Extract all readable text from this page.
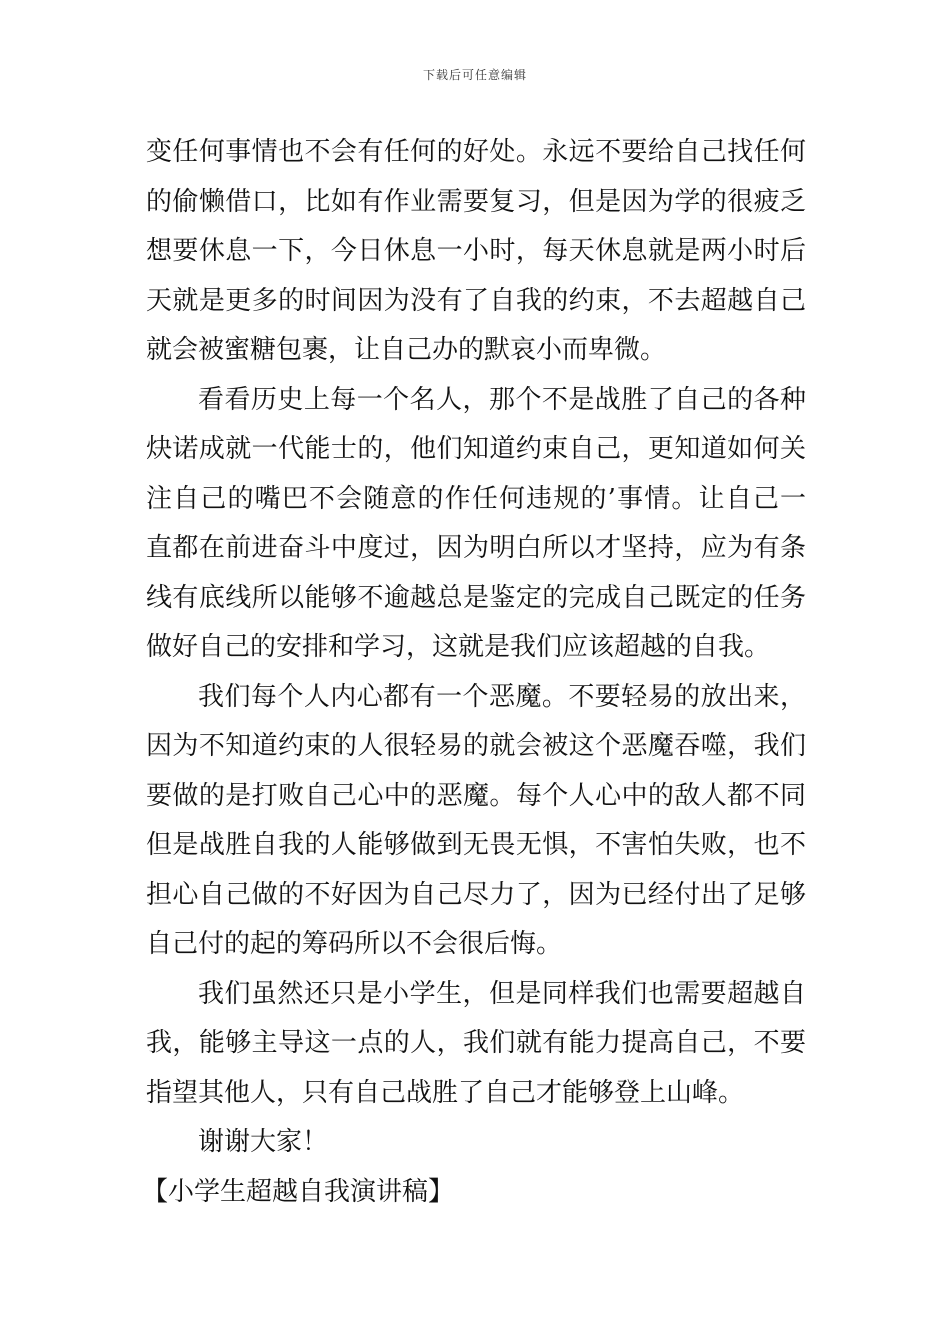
下载后可任意编辑
变任何事情也不会有任何的好处。永远不要给自己找任何
的偷懒借口，比如有作业需要复习，但是因为学的很疲乏
想要休息一下，今日休息一小时，每天休息就是两小时后
天就是更多的时间因为没有了自我的约束，不去超越自己
就会被蜜糖包裹，让自己办的默哀小而卑微。
看看历史上每一个名人，那个不是战胜了自己的各种
炔诺成就一代能士的，他们知道约束自己，更知道如何关
注自己的嘴巴不会随意的作任何违规的’事情。让自己一
直都在前进奋斗中度过，因为明白所以才坚持，应为有条
线有底线所以能够不逾越总是鉴定的完成自己既定的任务
做好自己的安排和学习，这就是我们应该超越的自我。
我们每个人内心都有一个恶魔。不要轻易的放出来，
因为不知道约束的人很轻易的就会被这个恶魔吞噬，我们
要做的是打败自己心中的恶魔。每个人心中的敌人都不同
但是战胜自我的人能够做到无畏无惧，不害怕失败，也不
担心自己做的不好因为自己尽力了，因为已经付出了足够
自己付的起的筹码所以不会很后悔。
我们虽然还只是小学生，但是同样我们也需要超越自
我，能够主导这一点的人，我们就有能力提高自己，不要
指望其他人，只有自己战胜了自己才能够登上山峰。
谢谢大家！
【小学生超越自我演讲稿】
